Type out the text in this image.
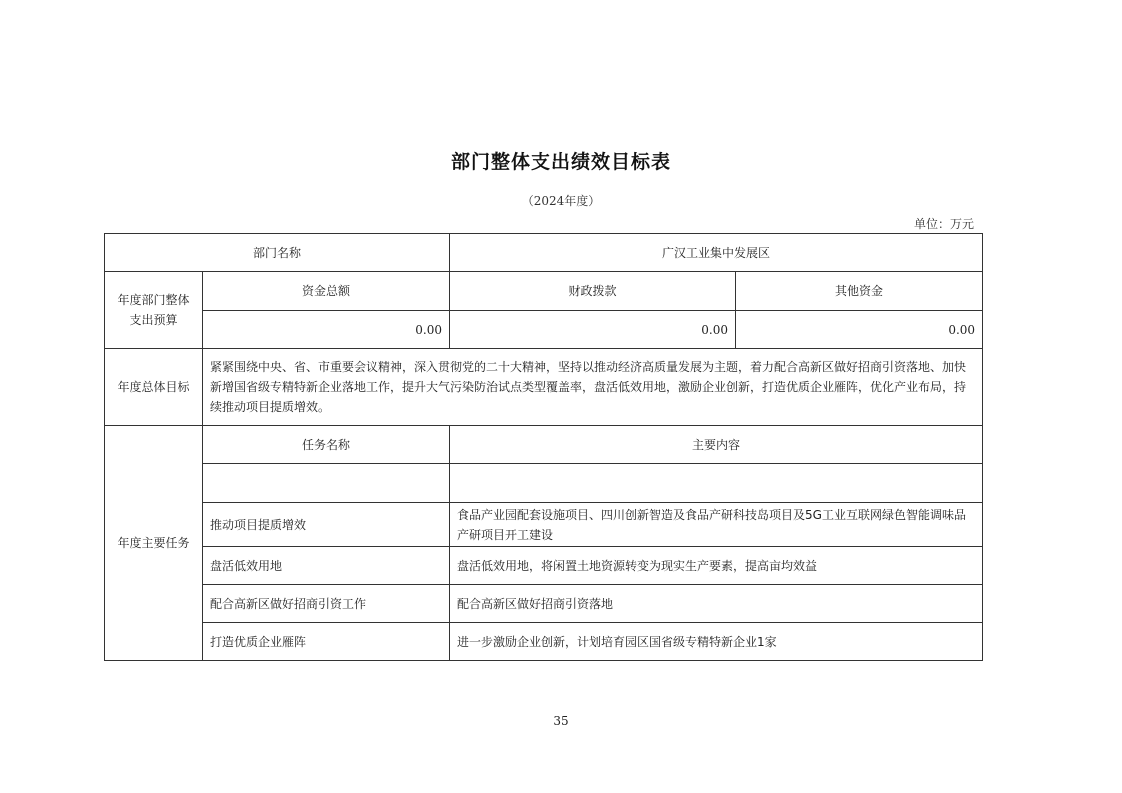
部门整体支出绩效目标表
（2024年度）
单位：万元
部门名称		广汉工业集中发展区	
年度部门整体支出预算	资金总额	财政拨款	其他资金
	0.00	0.00	0.00
年度总体目标	紧紧围绕中央、省、市重要会议精神，深入贯彻党的二十大精神，坚持以推动经济高质量发展为主题，着力配合高新区做好招商引资落地、加快新增国省级专精特新企业落地工作，提升大气污染防治试点类型覆盖率，盘活低效用地，激励企业创新，打造优质企业雁阵，优化产业布局，持续推动项目提质增效。		
年度主要任务	任务名称	主要内容	

	推动项目提质增效	食品产业园配套设施项目、四川创新智造及食品产研科技岛项目及5G工业互联网绿色智能调味品产研项目开工建设	
	盘活低效用地	盘活低效用地，将闲置土地资源转变为现实生产要素，提高亩均效益	
	配合高新区做好招商引资工作	配合高新区做好招商引资落地	
	打造优质企业雁阵	进一步激励企业创新，计划培育园区国省级专精特新企业1家	
35
